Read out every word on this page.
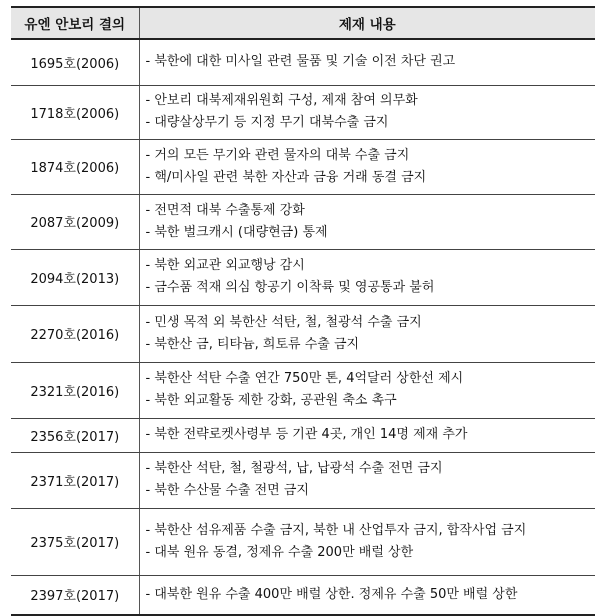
유엔 안보리 결의	제재 내용
1695호(2006)	- 북한에 대한 미사일 관련 물품 및 기술 이전 차단 권고

1718호(2006)	- 안보리 대북제재위원회 구성, 제재 참여 의무화
- 대량살상무기 등 지정 무기 대북수출 금지

1874호(2006)	- 거의 모든 무기와 관련 물자의 대북 수출 금지
- 핵/미사일 관련 북한 자산과 금융 거래 동결 금지

2087호(2009)	- 전면적 대북 수출통제 강화
- 북한 벌크캐시 (대량현금) 통제

2094호(2013)	- 북한 외교관 외교행낭 감시
- 금수품 적재 의심 항공기 이착륙 및 영공통과 불허

2270호(2016)	- 민생 목적 외 북한산 석탄, 철, 철광석 수출 금지
- 북한산 금, 티타늄, 희토류 수출 금지

2321호(2016)	- 북한산 석탄 수출 연간 750만 톤, 4억달러 상한선 제시
- 북한 외교활동 제한 강화, 공관원 축소 촉구

2356호(2017)	- 북한 전략로켓사령부 등 기관 4곳, 개인 14명 제재 추가

2371호(2017)	- 북한산 석탄, 철, 철광석, 납, 납광석 수출 전면 금지
- 북한 수산물 수출 전면 금지

2375호(2017)	- 북한산 섬유제품 수출 금지, 북한 내 산업투자 금지, 합작사업 금지
- 대북 원유 동결, 정제유 수출 200만 배럴 상한

2397호(2017)	- 대북한 원유 수출 400만 배럴 상한. 정제유 수출 50만 배럴 상한
